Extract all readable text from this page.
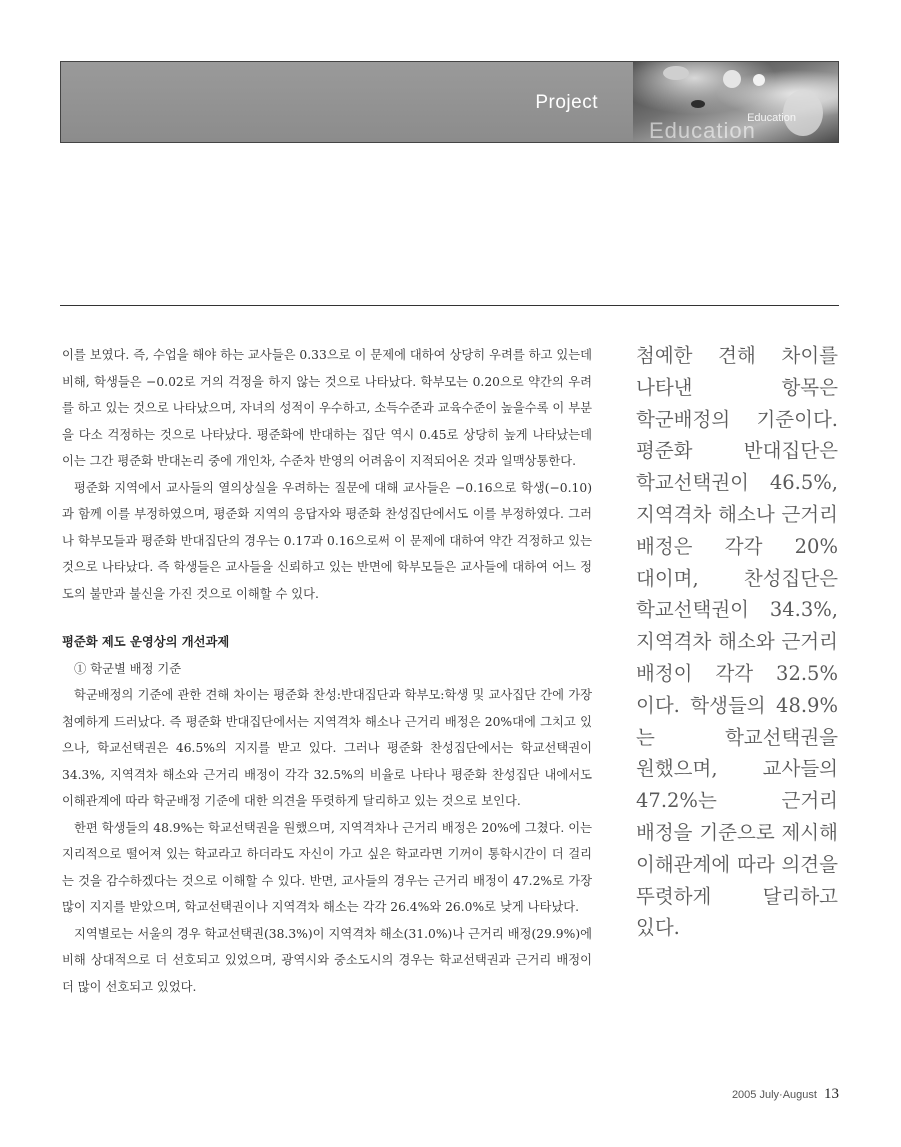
Project
Education
Education

이를 보였다. 즉, 수업을 해야 하는 교사들은 0.33으로 이 문제에 대하여 상당히 우려를 하고 있는데 비해, 학생들은 −0.02로 거의 걱정을 하지 않는 것으로 나타났다. 학부모는 0.20으로 약간의 우려를 하고 있는 것으로 나타났으며, 자녀의 성적이 우수하고, 소득수준과 교육수준이 높을수록 이 부분을 다소 걱정하는 것으로 나타났다. 평준화에 반대하는 집단 역시 0.45로 상당히 높게 나타났는데 이는 그간 평준화 반대논리 중에 개인차, 수준차 반영의 어려움이 지적되어온 것과 일맥상통한다.

평준화 지역에서 교사들의 열의상실을 우려하는 질문에 대해 교사들은 −0.16으로 학생(−0.10)과 함께 이를 부정하였으며, 평준화 지역의 응답자와 평준화 찬성집단에서도 이를 부정하였다. 그러나 학부모들과 평준화 반대집단의 경우는 0.17과 0.16으로써 이 문제에 대하여 약간 걱정하고 있는 것으로 나타났다. 즉 학생들은 교사들을 신뢰하고 있는 반면에 학부모들은 교사들에 대하여 어느 정도의 불만과 불신을 가진 것으로 이해할 수 있다.

평준화 제도 운영상의 개선과제

① 학군별 배정 기준

학군배정의 기준에 관한 견해 차이는 평준화 찬성:반대집단과 학부모:학생 및 교사집단 간에 가장 첨예하게 드러났다. 즉 평준화 반대집단에서는 지역격차 해소나 근거리 배정은 20%대에 그치고 있으나, 학교선택권은 46.5%의 지지를 받고 있다. 그러나 평준화 찬성집단에서는 학교선택권이 34.3%, 지역격차 해소와 근거리 배정이 각각 32.5%의 비율로 나타나 평준화 찬성집단 내에서도 이해관계에 따라 학군배정 기준에 대한 의견을 뚜렷하게 달리하고 있는 것으로 보인다.

한편 학생들의 48.9%는 학교선택권을 원했으며, 지역격차나 근거리 배정은 20%에 그쳤다. 이는 지리적으로 떨어져 있는 학교라고 하더라도 자신이 가고 싶은 학교라면 기꺼이 통학시간이 더 걸리는 것을 감수하겠다는 것으로 이해할 수 있다. 반면, 교사들의 경우는 근거리 배정이 47.2%로 가장 많이 지지를 받았으며, 학교선택권이나 지역격차 해소는 각각 26.4%와 26.0%로 낮게 나타났다.

지역별로는 서울의 경우 학교선택권(38.3%)이 지역격차 해소(31.0%)나 근거리 배정(29.9%)에 비해 상대적으로 더 선호되고 있었으며, 광역시와 중소도시의 경우는 학교선택권과 근거리 배정이 더 많이 선호되고 있었다.

첨예한 견해 차이를 나타낸 항목은 학군배정의 기준이다. 평준화 반대집단은 학교선택권이 46.5%, 지역격차 해소나 근거리 배정은 각각 20%대이며, 찬성집단은 학교선택권이 34.3%, 지역격차 해소와 근거리 배정이 각각 32.5%이다. 학생들의 48.9%는 학교선택권을 원했으며, 교사들의 47.2%는 근거리 배정을 기준으로 제시해 이해관계에 따라 의견을 뚜렷하게 달리하고 있다.
2005 July·August 13
